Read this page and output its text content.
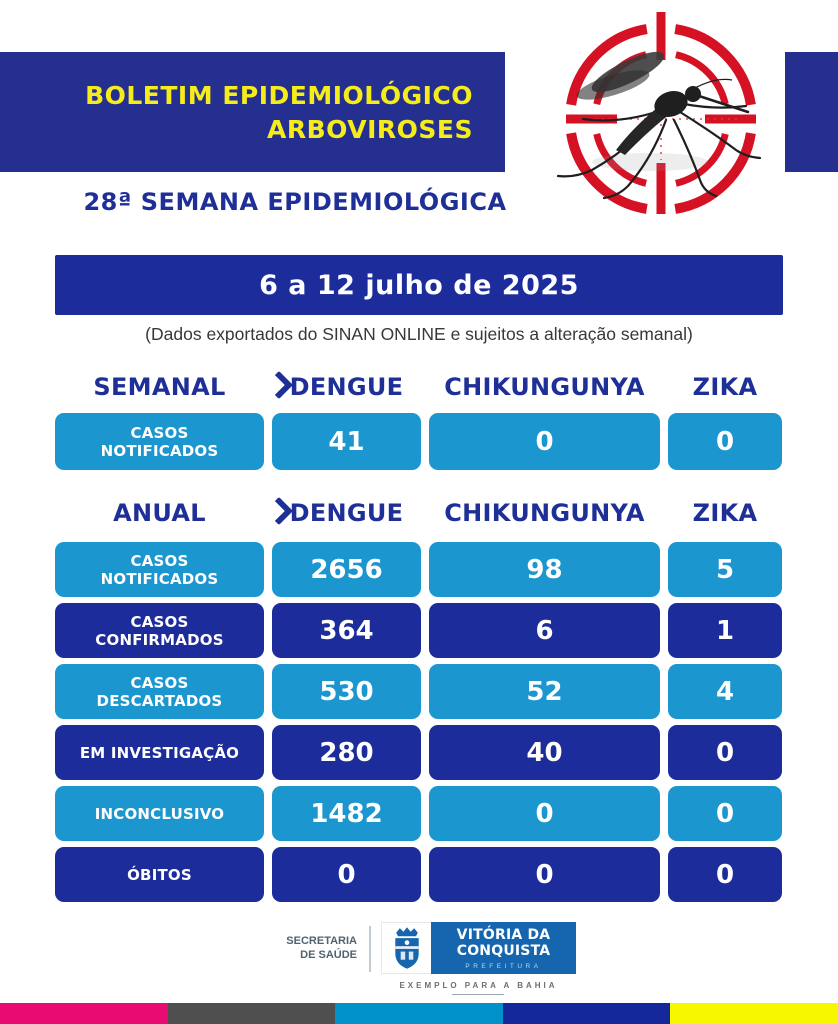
BOLETIM EPIDEMIOLÓGICO
ARBOVIROSES
28ª SEMANA EPIDEMIOLÓGICA
6 a 12 julho de 2025
(Dados exportados do SINAN ONLINE e sujeitos a alteração semanal)
SEMANAL	DENGUE	CHIKUNGUNYA	ZIKA
CASOS NOTIFICADOS	41	0	0
ANUAL	DENGUE	CHIKUNGUNYA	ZIKA
CASOS NOTIFICADOS	2656	98	5
CASOS CONFIRMADOS	364	6	1
CASOS DESCARTADOS	530	52	4
EM INVESTIGAÇÃO	280	40	0
INCONCLUSIVO	1482	0	0
ÓBITOS	0	0	0
SECRETARIA
DE SAÚDE
VITÓRIA DA
CONQUISTA
PREFEITURA
EXEMPLO PARA A BAHIA
